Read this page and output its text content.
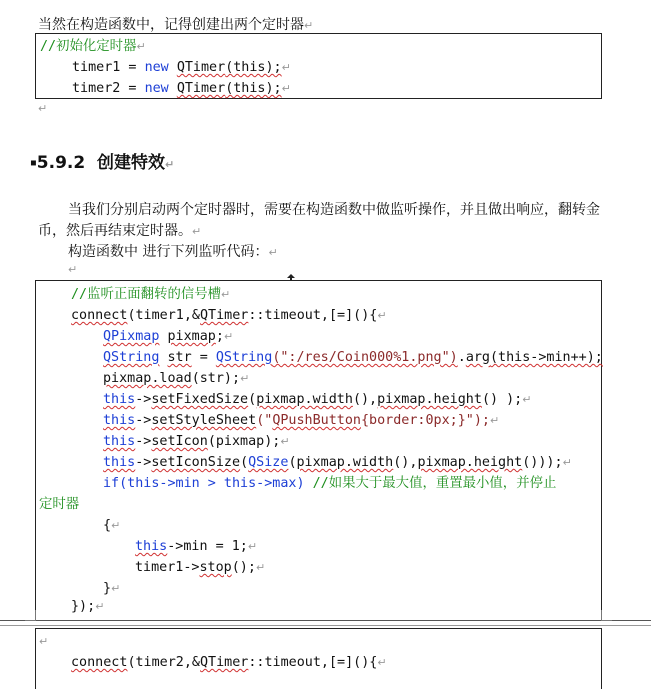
当然在构造函数中，记得创建出两个定时器↵
//初始化定时器↵
timer1 = new QTimer(this);↵
timer2 = new QTimer(this);↵
↵
▪5.9.2 创建特效↵
当我们分别启动两个定时器时，需要在构造函数中做监听操作，并且做出响应，翻转金
币，然后再结束定时器。↵
构造函数中 进行下列监听代码：↵
↵
//监听正面翻转的信号槽↵
connect(timer1,&QTimer::timeout,[=](){↵
QPixmap pixmap;↵
QString str = QString(":/res/Coin000%1.png").arg(this->min++);
pixmap.load(str);↵
this->setFixedSize(pixmap.width(),pixmap.height() );↵
this->setStyleSheet("QPushButton{border:0px;}");↵
this->setIcon(pixmap);↵
this->setIconSize(QSize(pixmap.width(),pixmap.height()));↵
if(this->min > this->max) //如果大于最大值，重置最小值，并停止
定时器
{↵
this->min = 1;↵
timer1->stop();↵
}↵
});↵
↵
connect(timer2,&QTimer::timeout,[=](){↵
